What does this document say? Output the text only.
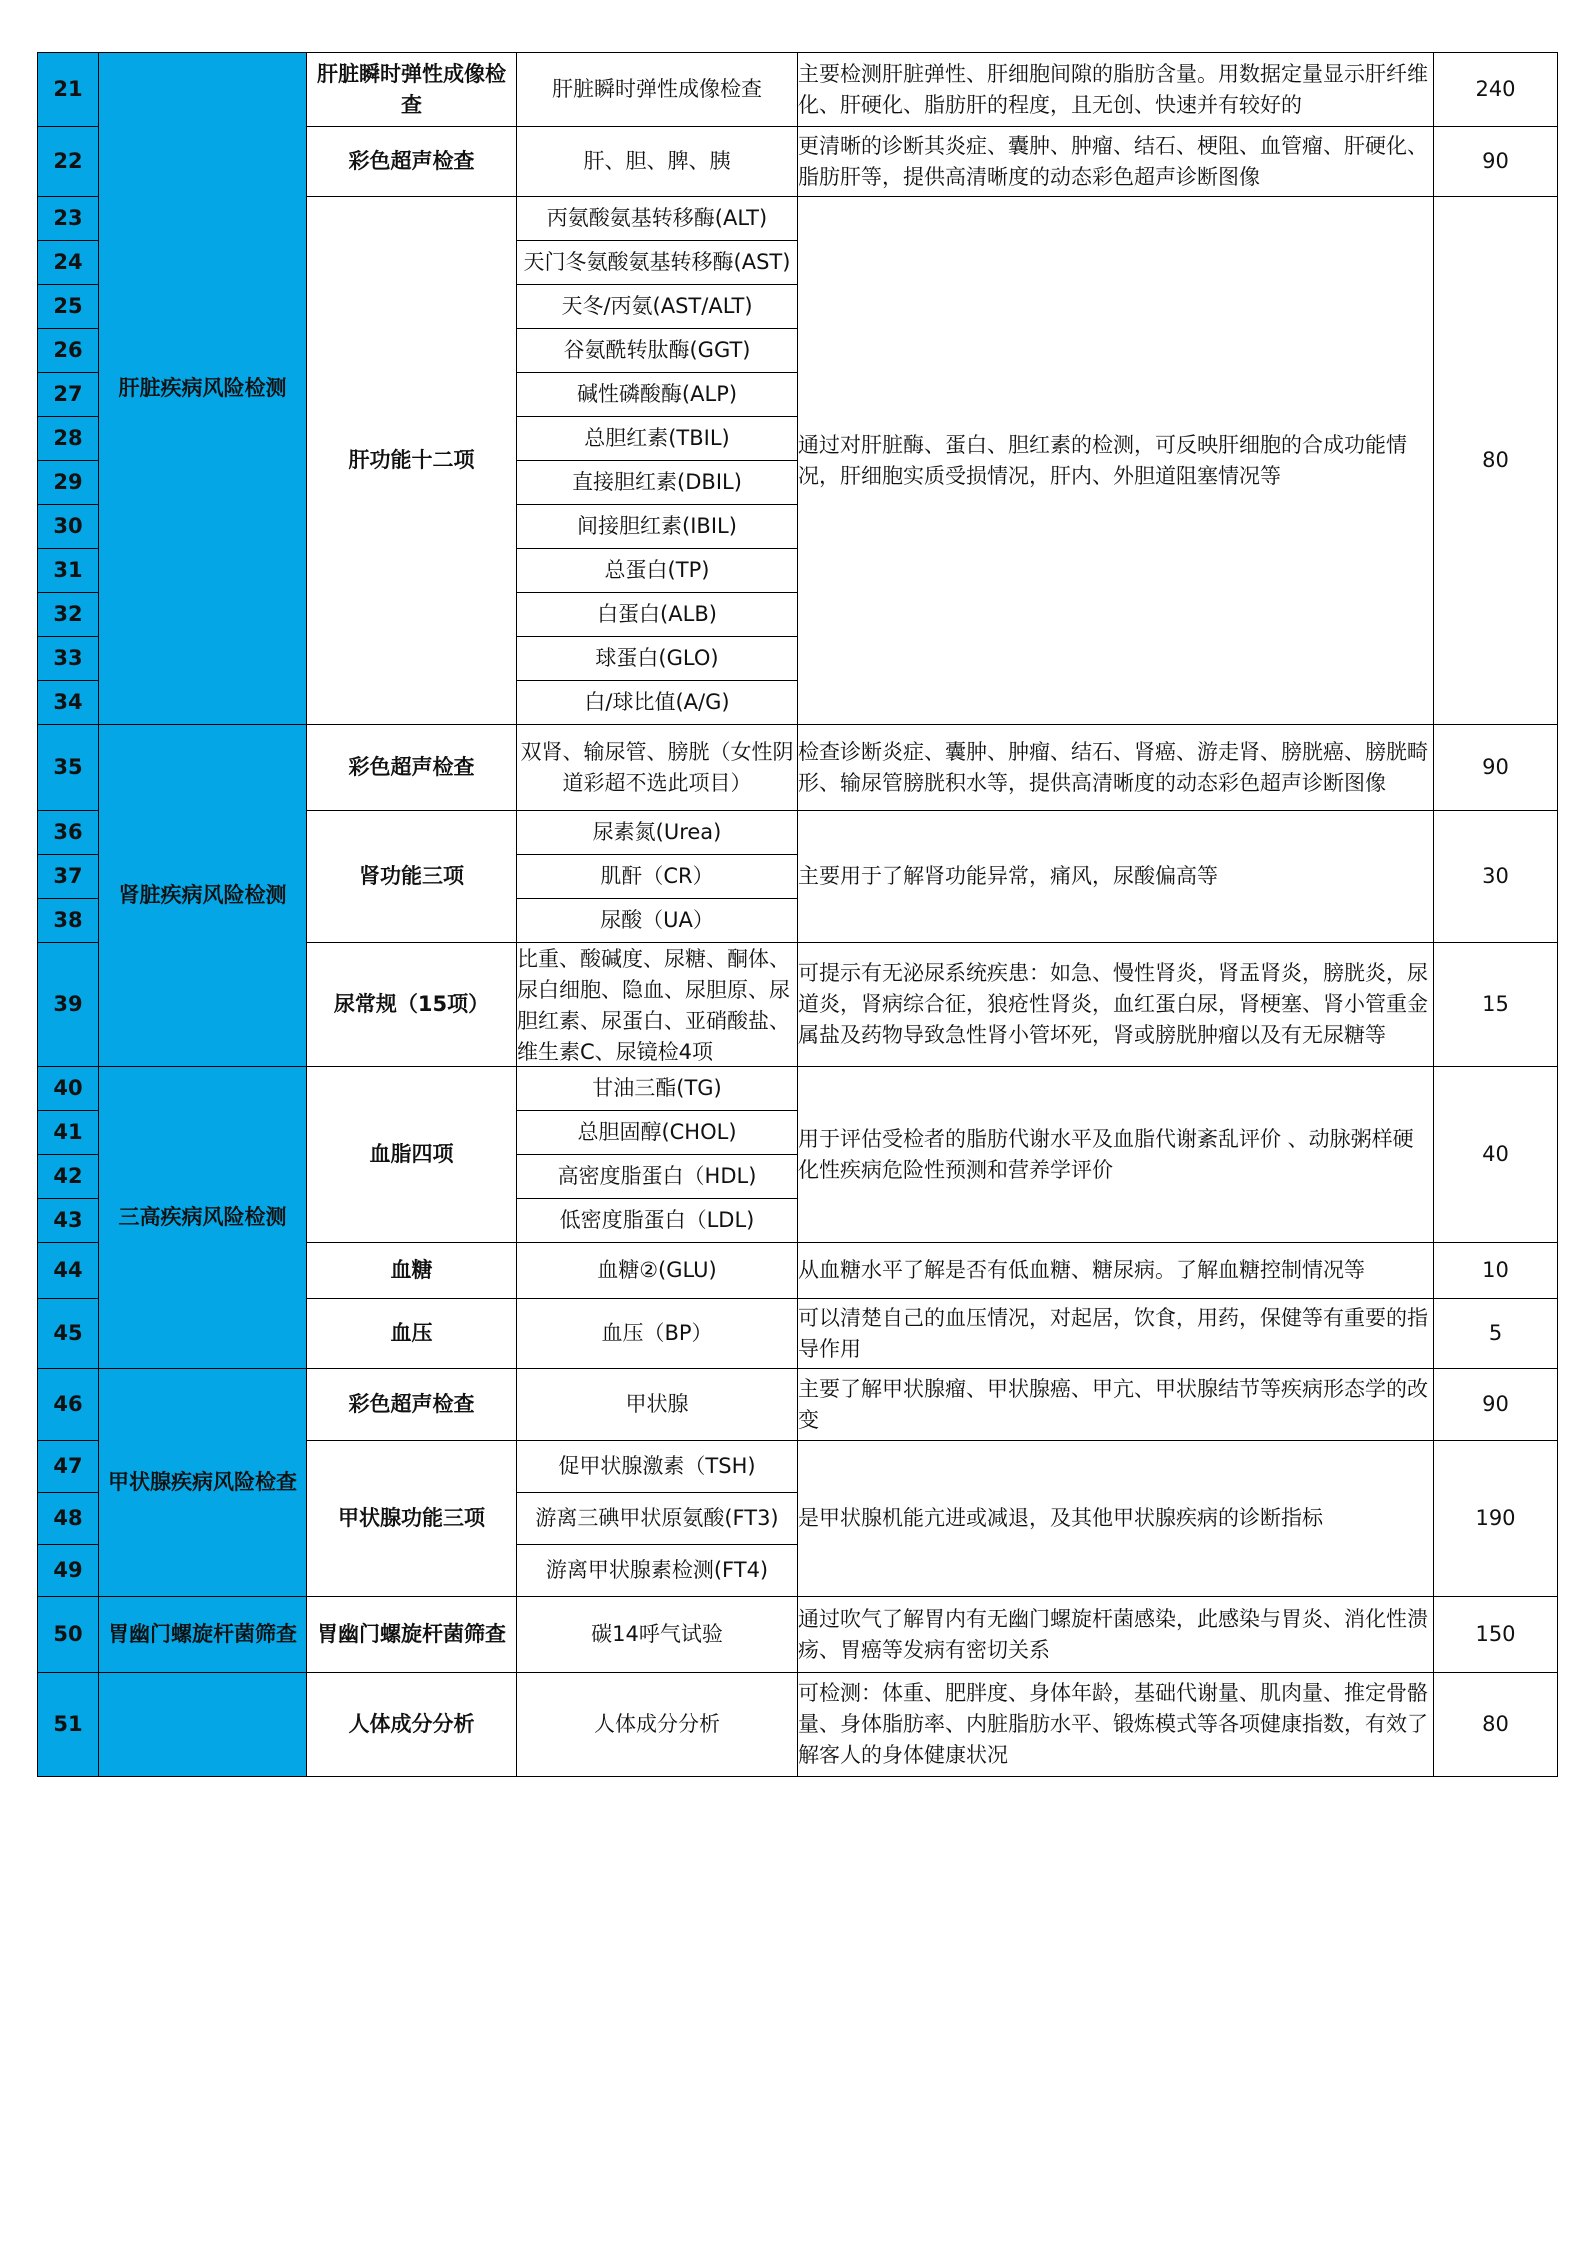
21	肝脏疾病风险检测	肝脏瞬时弹性成像检查	肝脏瞬时弹性成像检查	主要检测肝脏弹性、肝细胞间隙的脂肪含量。用数据定量显示肝纤维化、肝硬化、脂肪肝的程度，且无创、快速并有较好的	240
22		彩色超声检查	肝、胆、脾、胰	更清晰的诊断其炎症、囊肿、肿瘤、结石、梗阻、血管瘤、肝硬化、脂肪肝等，提供高清晰度的动态彩色超声诊断图像	90
23		肝功能十二项	丙氨酸氨基转移酶(ALT)	通过对肝脏酶、蛋白、胆红素的检测，可反映肝细胞的合成功能情况，肝细胞实质受损情况，肝内、外胆道阻塞情况等	80
24			天门冬氨酸氨基转移酶(AST)		

25			天冬/丙氨(AST/ALT)		
26			谷氨酰转肽酶(GGT)		
27			碱性磷酸酶(ALP)		
28			总胆红素(TBIL)		
29			直接胆红素(DBIL)		
30			间接胆红素(IBIL)		
31			总蛋白(TP)		
32			白蛋白(ALB)		
33			球蛋白(GLO)		
34			白/球比值(A/G)		
35	肾脏疾病风险检测	彩色超声检查	双肾、输尿管、膀胱（女性阴道彩超不选此项目）	检查诊断炎症、囊肿、肿瘤、结石、肾癌、游走肾、膀胱癌、膀胱畸形、输尿管膀胱积水等，提供高清晰度的动态彩色超声诊断图像	90
36		肾功能三项	尿素氮(Urea)	主要用于了解肾功能异常，痛风，尿酸偏高等	30
37			肌酐（CR）		
38			尿酸（UA）		
39		尿常规（15项）	比重、酸碱度、尿糖、酮体、尿白细胞、隐血、尿胆原、尿胆红素、尿蛋白、亚硝酸盐、维生素C、尿镜检4项	可提示有无泌尿系统疾患：如急、慢性肾炎，肾盂肾炎，膀胱炎，尿道炎，肾病综合征，狼疮性肾炎，血红蛋白尿，肾梗塞、肾小管重金属盐及药物导致急性肾小管坏死，肾或膀胱肿瘤以及有无尿糖等	15
40	三高疾病风险检测	血脂四项	甘油三酯(TG)	用于评估受检者的脂肪代谢水平及血脂代谢紊乱评价 、动脉粥样硬化性疾病危险性预测和营养学评价	40
41			总胆固醇(CHOL)		
42			高密度脂蛋白（HDL)		
43			低密度脂蛋白（LDL)		
44		血糖	血糖②(GLU)	从血糖水平了解是否有低血糖、糖尿病。了解血糖控制情况等	10
45		血压	血压（BP）	可以清楚自己的血压情况，对起居，饮食，用药，保健等有重要的指导作用	5
46	甲状腺疾病风险检查	彩色超声检查	甲状腺	主要了解甲状腺瘤、甲状腺癌、甲亢、甲状腺结节等疾病形态学的改变	90
47		甲状腺功能三项	促甲状腺激素（TSH)	是甲状腺机能亢进或减退，及其他甲状腺疾病的诊断指标	190
48			游离三碘甲状原氨酸(FT3)		
49			游离甲状腺素检测(FT4)		
50	胃幽门螺旋杆菌筛查	胃幽门螺旋杆菌筛查	碳14呼气试验	通过吹气了解胃内有无幽门螺旋杆菌感染，此感染与胃炎、消化性溃疡、胃癌等发病有密切关系	150
51		人体成分分析	人体成分分析	可检测：体重、肥胖度、身体年龄，基础代谢量、肌肉量、推定骨骼量、身体脂肪率、内脏脂肪水平、锻炼模式等各项健康指数，有效了解客人的身体健康状况	80
